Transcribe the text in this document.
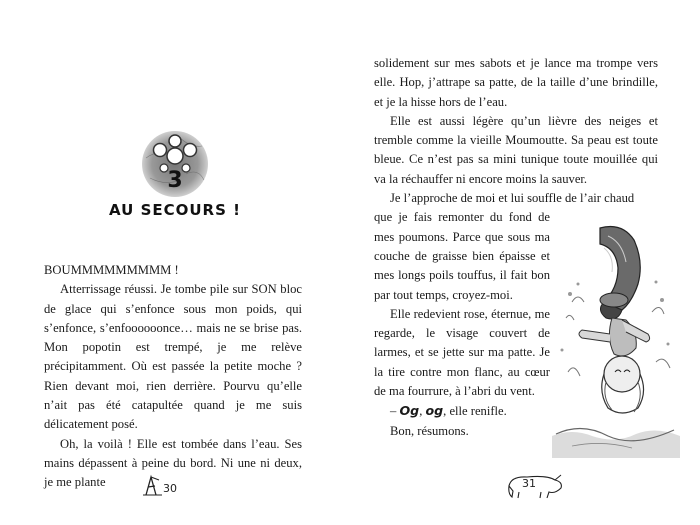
3
AU SECOURS !

BOUMMMMMMMMM !

Atterrissage réussi. Je tombe pile sur SON bloc de glace qui s’enfonce sous mon poids, qui s’enfonce, s’enfoooooonce… mais ne se brise pas. Mon popotin est trempé, je me relève précipitamment. Où est passée la petite moche ? Rien devant moi, rien derrière. Pourvu qu’elle n’ait pas été catapultée quand je me suis délicatement posé.

Oh, la voilà ! Elle est tombée dans l’eau. Ses mains dépassent à peine du bord. Ni une ni deux, je me plante	30

solidement sur mes sabots et je lance ma trompe vers elle. Hop, j’attrape sa patte, de la taille d’une brindille, et je la hisse hors de l’eau.

Elle est aussi légère qu’un lièvre des neiges et tremble comme la vieille Moumoutte. Sa peau est toute bleue. Ce n’est pas sa mini tunique toute mouillée qui va la réchauffer ni encore moins la sauver.

Je l’approche de moi et lui souffle de l’air chaud

que je fais remonter du fond de mes poumons. Parce que sous ma couche de graisse bien épaisse et mes longs poils touffus, il fait bon par tout temps, croyez-moi.

Elle redevient rose, éternue, me regarde, le visage couvert de larmes, et se jette sur ma patte. Je la tire contre mon flanc, au cœur de ma fourrure, à l’abri du vent.

– Og, og, elle renifle.

Bon, résumons.

31
